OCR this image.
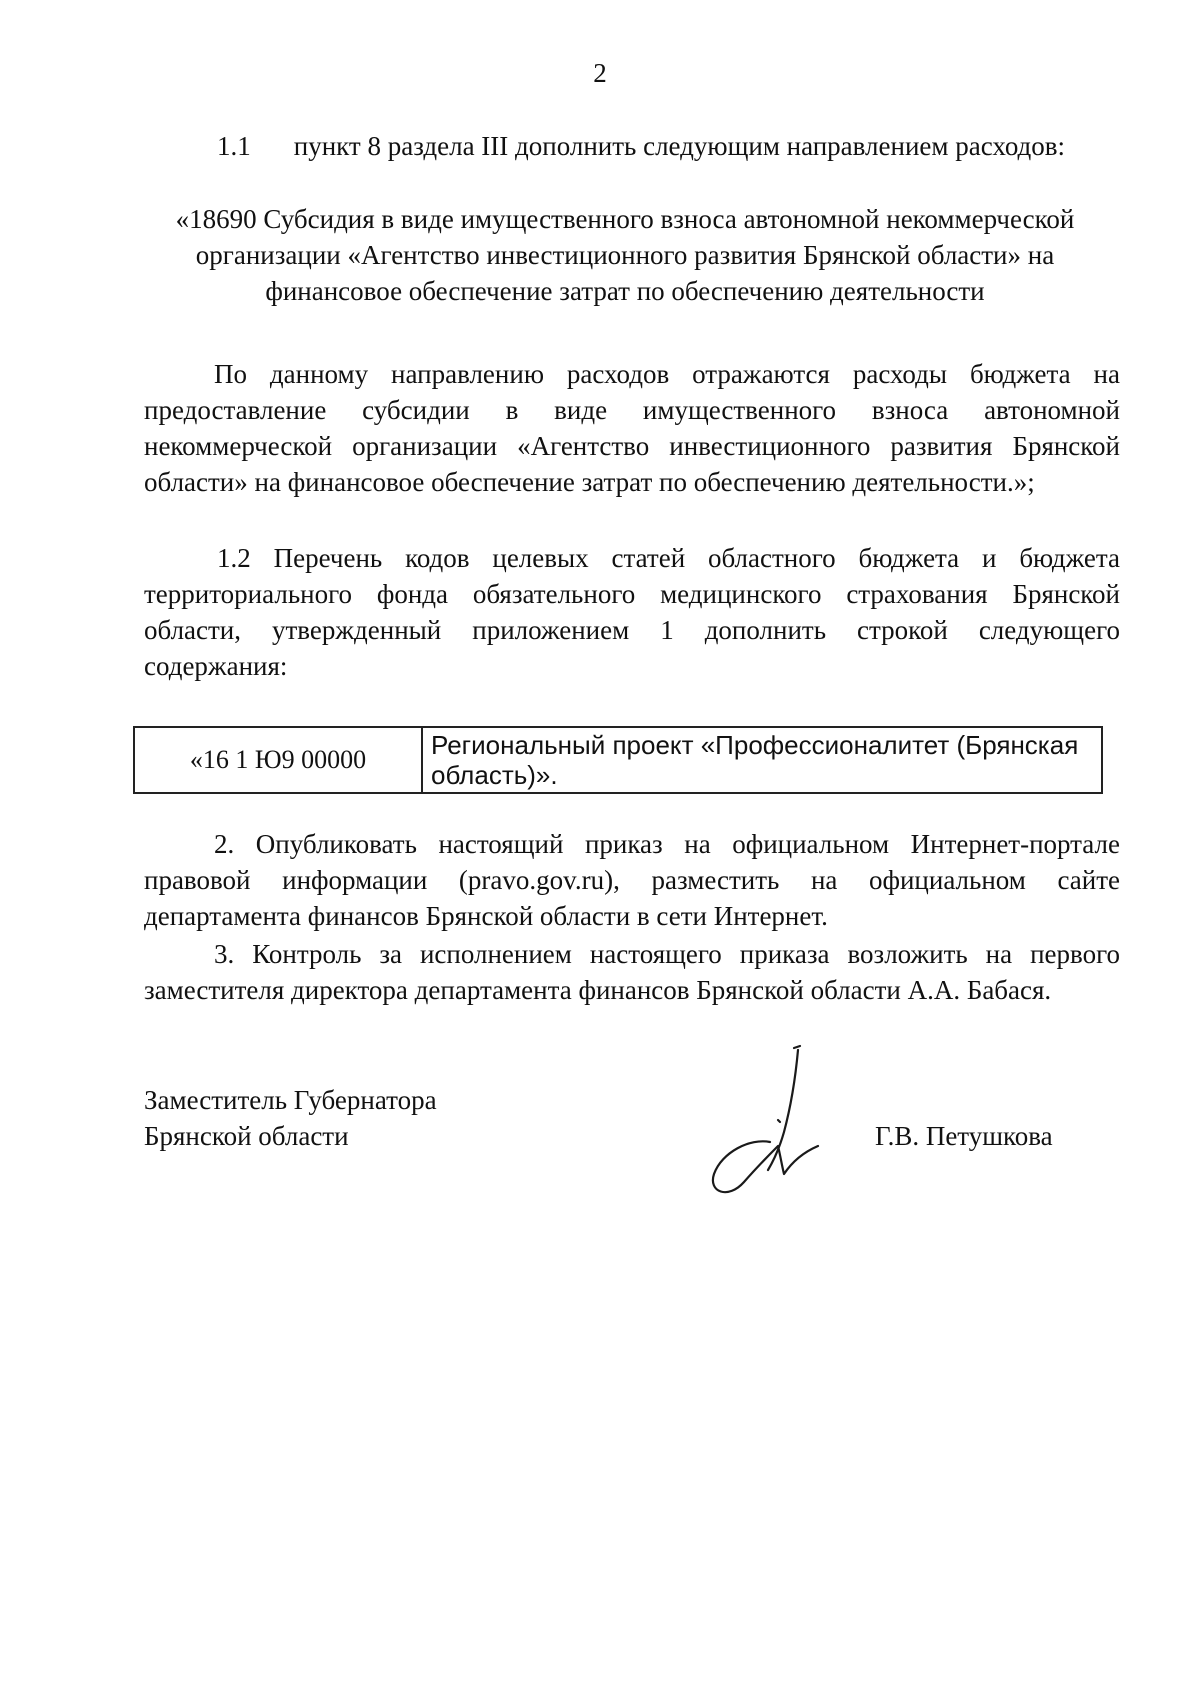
2
1.1 пункт 8 раздела III дополнить следующим направлением расходов:
«18690 Субсидия в виде имущественного взноса автономной некоммерческой
организации «Агентство инвестиционного развития Брянской области» на
финансовое обеспечение затрат по обеспечению деятельности
По данному направлению расходов отражаются расходы бюджета на
предоставление субсидии в виде имущественного взноса автономной
некоммерческой организации «Агентство инвестиционного развития Брянской
области» на финансовое обеспечение затрат по обеспечению деятельности.»;
1.2 Перечень кодов целевых статей областного бюджета и бюджета
территориального фонда обязательного медицинского страхования Брянской
области, утвержденный приложением 1 дополнить строкой следующего
содержания:
«16 1 Ю9 00000	Региональный проект «Профессионалитет (Брянская область)».
2. Опубликовать настоящий приказ на официальном Интернет-портале
правовой информации (pravo.gov.ru), разместить на официальном сайте
департамента финансов Брянской области в сети Интернет.
3. Контроль за исполнением настоящего приказа возложить на первого
заместителя директора департамента финансов Брянской области А.А. Бабася.
Заместитель Губернатора
Брянской области	Г.В. Петушкова
